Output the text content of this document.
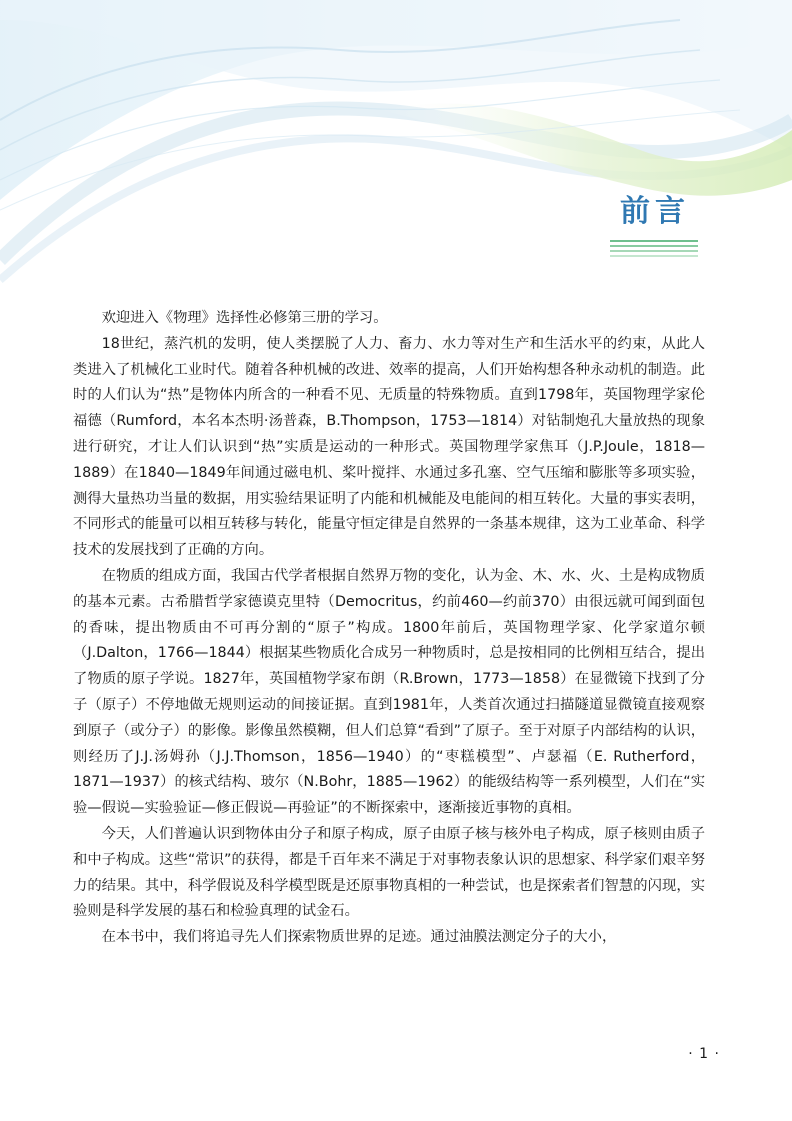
前言

欢迎进入《物理》选择性必修第三册的学习。

18世纪，蒸汽机的发明，使人类摆脱了人力、畜力、水力等对生产和生活水平的约束，从此人类进入了机械化工业时代。随着各种机械的改进、效率的提高，人们开始构想各种永动机的制造。此时的人们认为“热”是物体内所含的一种看不见、无质量的特殊物质。直到1798年，英国物理学家伦福德（Rumford，本名本杰明·汤普森，B.Thompson，1753—1814）对钻制炮孔大量放热的现象进行研究，才让人们认识到“热”实质是运动的一种形式。英国物理学家焦耳（J.P.Joule，1818—1889）在1840—1849年间通过磁电机、桨叶搅拌、水通过多孔塞、空气压缩和膨胀等多项实验，测得大量热功当量的数据，用实验结果证明了内能和机械能及电能间的相互转化。大量的事实表明，不同形式的能量可以相互转移与转化，能量守恒定律是自然界的一条基本规律，这为工业革命、科学技术的发展找到了正确的方向。

在物质的组成方面，我国古代学者根据自然界万物的变化，认为金、木、水、火、土是构成物质的基本元素。古希腊哲学家德谟克里特（Democritus，约前460—约前370）由很远就可闻到面包的香味，提出物质由不可再分割的“原子”构成。1800年前后，英国物理学家、化学家道尔顿（J.Dalton，1766—1844）根据某些物质化合成另一种物质时，总是按相同的比例相互结合，提出了物质的原子学说。1827年，英国植物学家布朗（R.Brown，1773—1858）在显微镜下找到了分子（原子）不停地做无规则运动的间接证据。直到1981年，人类首次通过扫描隧道显微镜直接观察到原子（或分子）的影像。影像虽然模糊，但人们总算“看到”了原子。至于对原子内部结构的认识，则经历了J.J.汤姆孙（J.J.Thomson，1856—1940）的“枣糕模型”、卢瑟福（E. Rutherford，1871—1937）的核式结构、玻尔（N.Bohr，1885—1962）的能级结构等一系列模型，人们在“实验—假说—实验验证—修正假说—再验证”的不断探索中，逐渐接近事物的真相。

今天，人们普遍认识到物体由分子和原子构成，原子由原子核与核外电子构成，原子核则由质子和中子构成。这些“常识”的获得，都是千百年来不满足于对事物表象认识的思想家、科学家们艰辛努力的结果。其中，科学假说及科学模型既是还原事物真相的一种尝试，也是探索者们智慧的闪现，实验则是科学发展的基石和检验真理的试金石。

在本书中，我们将追寻先人们探索物质世界的足迹。通过油膜法测定分子的大小，

· 1 ·
